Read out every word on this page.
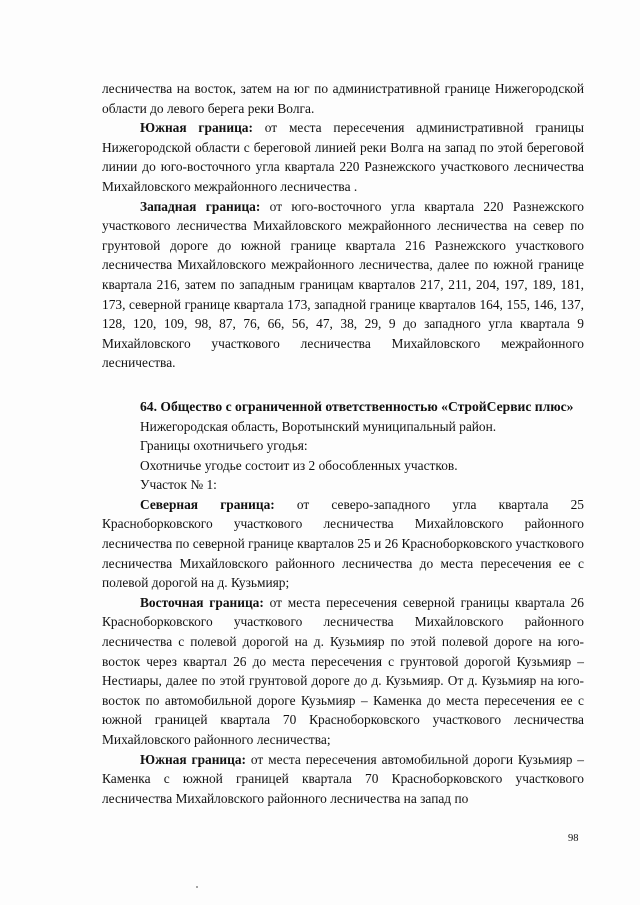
лесничества на восток, затем на юг по административной границе Нижегородской области до левого берега реки Волга.

Южная граница: от места пересечения административной границы Нижегородской области с береговой линией реки Волга на запад по этой береговой линии до юго-восточного угла квартала 220 Разнежского участкового лесничества Михайловского межрайонного лесничества .

Западная граница: от юго-восточного угла квартала 220 Разнежского участкового лесничества Михайловского межрайонного лесничества на север по грунтовой дороге до южной границе квартала 216 Разнежского участкового лесничества Михайловского межрайонного лесничества, далее по южной границе квартала 216, затем по западным границам кварталов 217, 211, 204, 197, 189, 181, 173, северной границе квартала 173, западной границе кварталов 164, 155, 146, 137, 128, 120, 109, 98, 87, 76, 66, 56, 47, 38, 29, 9 до западного угла квартала 9 Михайловского участкового лесничества Михайловского межрайонного лесничества.

64. Общество с ограниченной ответственностью «СтройСервис плюс»

Нижегородская область, Воротынский муниципальный район.

Границы охотничьего угодья:

Охотничье угодье состоит из 2 обособленных участков.

Участок № 1:

Северная граница: от северо-западного угла квартала 25 Красноборковского участкового лесничества Михайловского районного лесничества по северной границе кварталов 25 и 26 Красноборковского участкового лесничества Михайловского районного лесничества до места пересечения ее с полевой дорогой на д. Кузьмияр;

Восточная граница: от места пересечения северной границы квартала 26 Красноборковского участкового лесничества Михайловского районного лесничества с полевой дорогой на д. Кузьмияр по этой полевой дороге на юго-восток через квартал 26 до места пересечения с грунтовой дорогой Кузьмияр – Нестиары, далее по этой грунтовой дороге до д. Кузьмияр. От д. Кузьмияр на юго-восток по автомобильной дороге Кузьмияр – Каменка до места пересечения ее с южной границей квартала 70 Красноборковского участкового лесничества Михайловского районного лесничества;

Южная граница: от места пересечения автомобильной дороги Кузьмияр – Каменка с южной границей квартала 70 Красноборковского участкового лесничества Михайловского районного лесничества на запад по

98
